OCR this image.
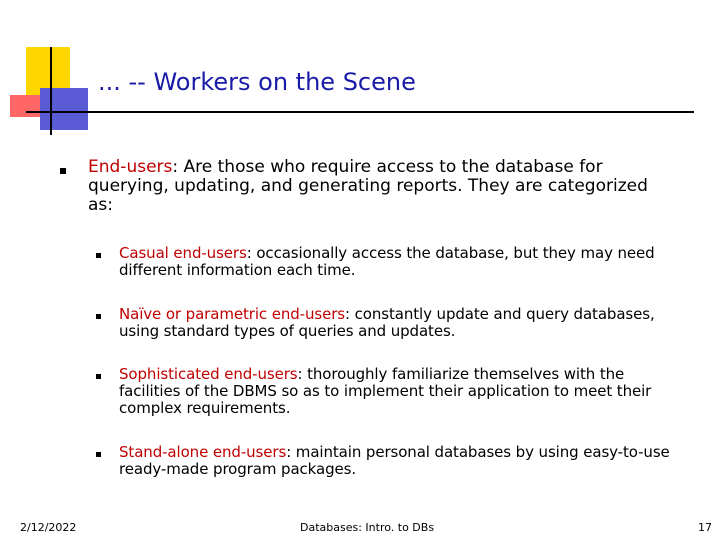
... -- Workers on the Scene
End-users: Are those who require access to the database for querying, updating, and generating reports. They are categorized as:
Casual end-users: occasionally access the database, but they may need different information each time.
Naïve or parametric end-users: constantly update and query databases, using standard types of queries and updates.
Sophisticated end-users: thoroughly familiarize themselves with the facilities of the DBMS so as to implement their application to meet their complex requirements.
Stand-alone end-users: maintain personal databases by using easy-to-use ready-made program packages.
2/12/2022	Databases: Intro. to DBs	17
